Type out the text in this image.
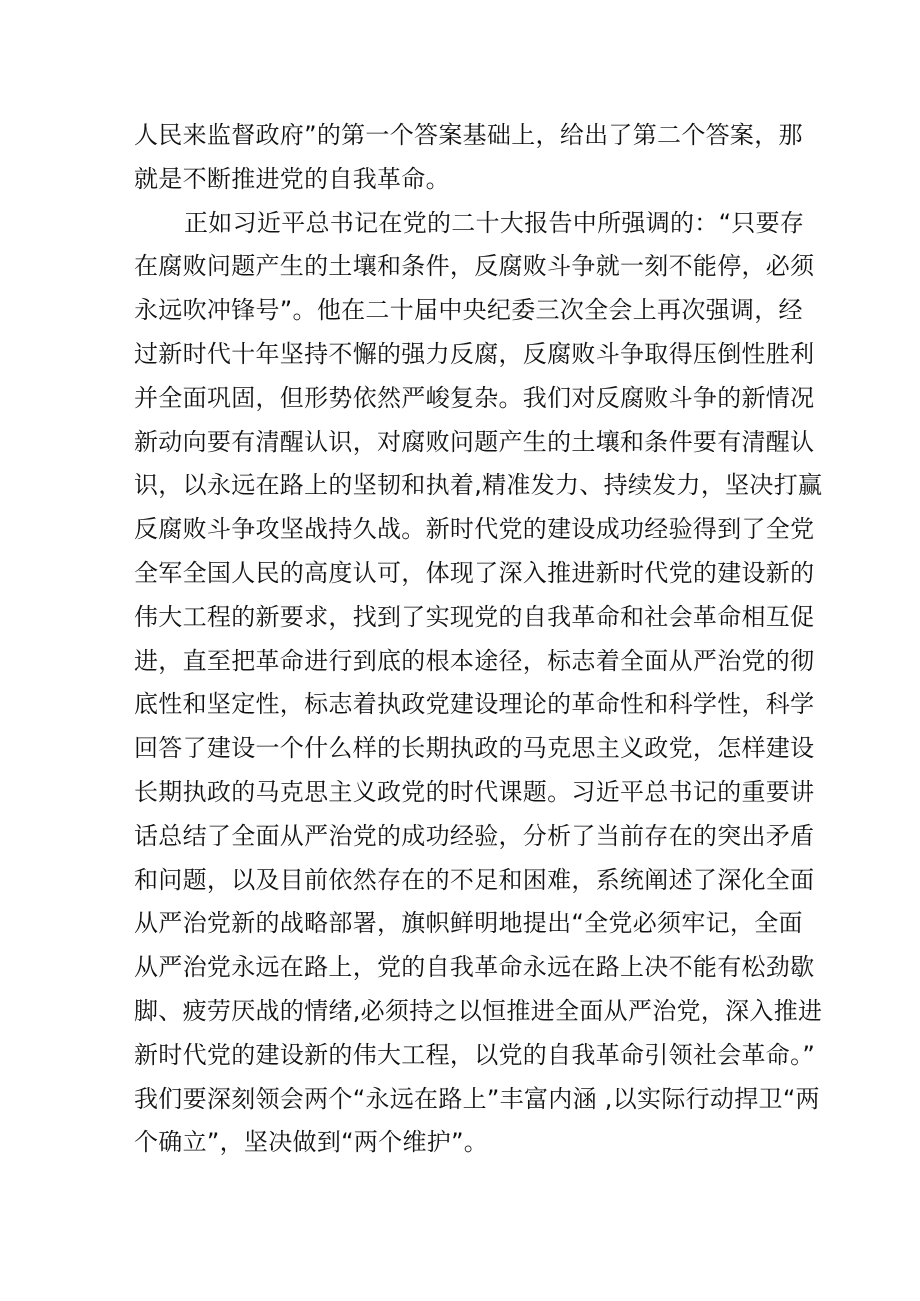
人民来监督政府”的第一个答案基础上，给出了第二个答案，那
就是不断推进党的自我革命。
正如习近平总书记在党的二十大报告中所强调的：“只要存
在腐败问题产生的土壤和条件，反腐败斗争就一刻不能停，必须
永远吹冲锋号”。他在二十届中央纪委三次全会上再次强调，经
过新时代十年坚持不懈的强力反腐，反腐败斗争取得压倒性胜利
并全面巩固，但形势依然严峻复杂。我们对反腐败斗争的新情况
新动向要有清醒认识，对腐败问题产生的土壤和条件要有清醒认
识，以永远在路上的坚韧和执着,精准发力、持续发力，坚决打赢
反腐败斗争攻坚战持久战。新时代党的建设成功经验得到了全党
全军全国人民的高度认可，体现了深入推进新时代党的建设新的
伟大工程的新要求，找到了实现党的自我革命和社会革命相互促
进，直至把革命进行到底的根本途径，标志着全面从严治党的彻
底性和坚定性，标志着执政党建设理论的革命性和科学性，科学
回答了建设一个什么样的长期执政的马克思主义政党，怎样建设
长期执政的马克思主义政党的时代课题。习近平总书记的重要讲
话总结了全面从严治党的成功经验，分析了当前存在的突出矛盾
和问题，以及目前依然存在的不足和困难，系统阐述了深化全面
从严治党新的战略部署，旗帜鲜明地提出“全党必须牢记，全面
从严治党永远在路上，党的自我革命永远在路上决不能有松劲歇
脚、疲劳厌战的情绪,必须持之以恒推进全面从严治党，深入推进
新时代党的建设新的伟大工程，以党的自我革命引领社会革命。”
我们要深刻领会两个“永远在路上”丰富内涵 ,以实际行动捍卫“两
个确立”，坚决做到“两个维护”。
